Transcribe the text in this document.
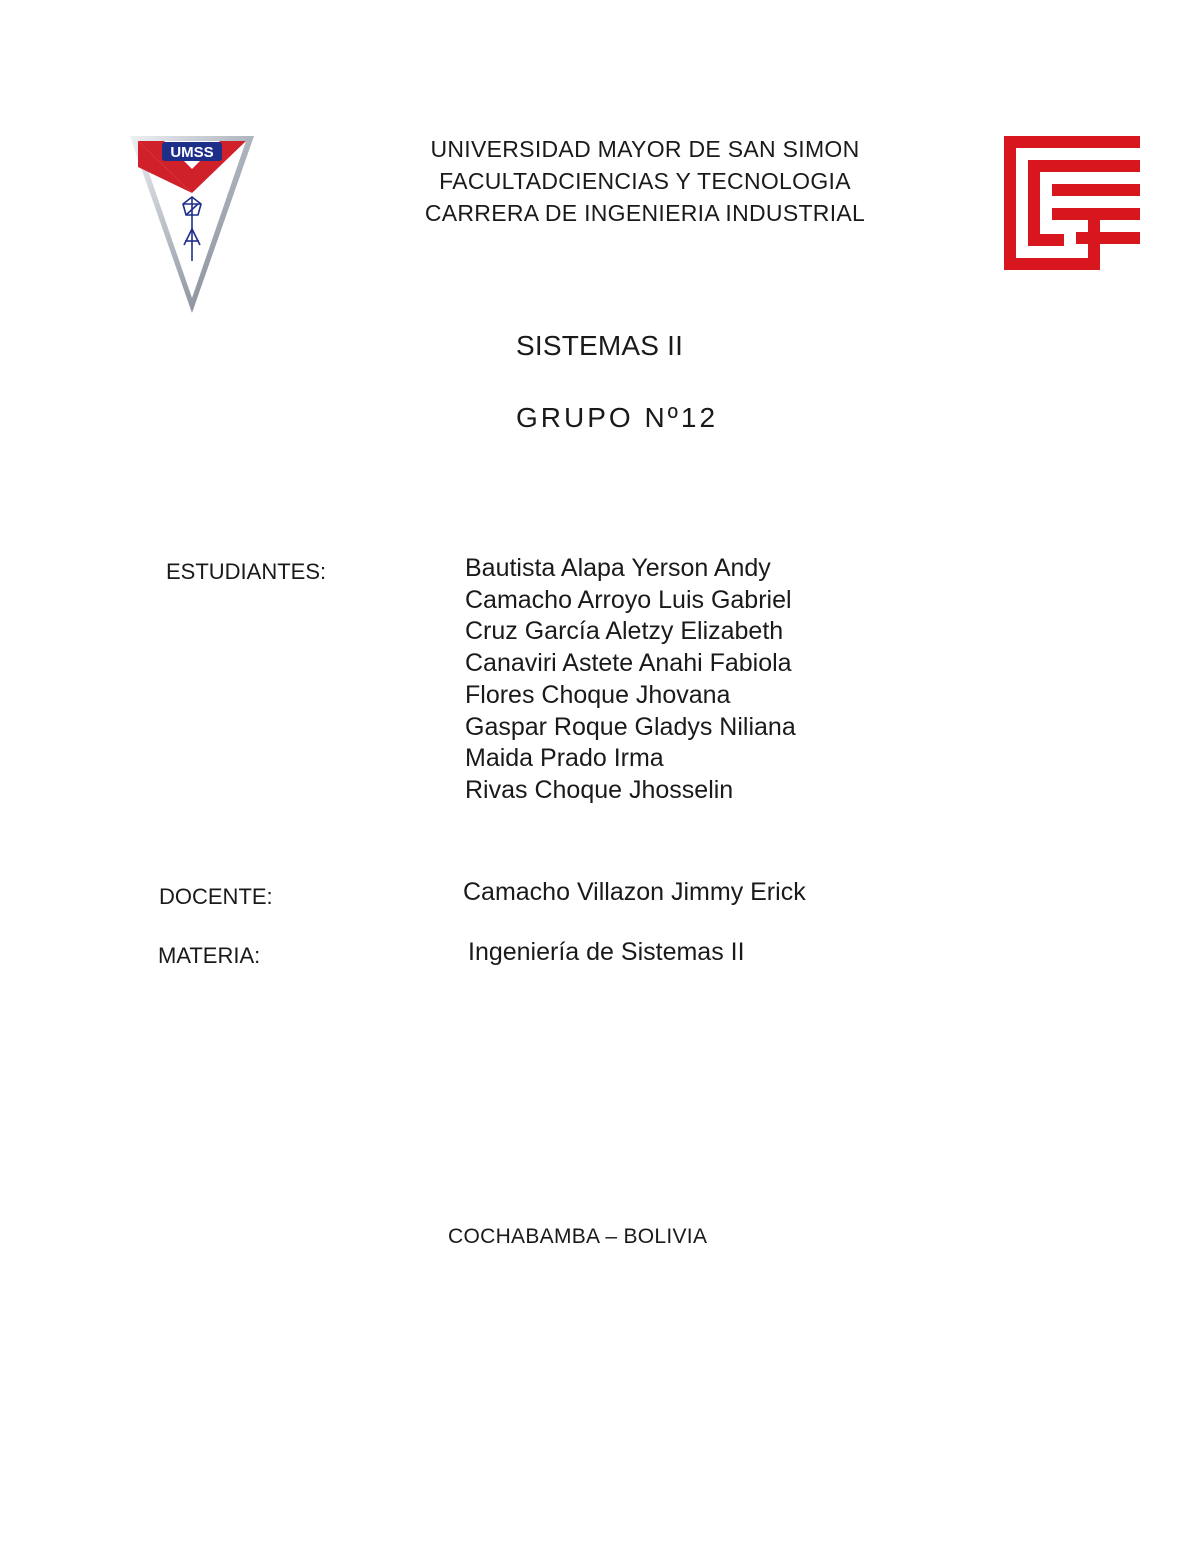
UMSS	UNIVERSIDAD MAYOR DE SAN SIMON
FACULTADCIENCIAS Y TECNOLOGIA
CARRERA DE INGENIERIA INDUSTRIAL
SISTEMAS II
GRUPO Nº12
ESTUDIANTES:	Bautista Alapa Yerson Andy
Camacho Arroyo Luis Gabriel
Cruz García Aletzy Elizabeth
Canaviri Astete Anahi Fabiola
Flores Choque Jhovana
Gaspar Roque Gladys Niliana
Maida Prado Irma
Rivas Choque Jhosselin
DOCENTE:	Camacho Villazon Jimmy Erick
MATERIA:	Ingeniería de Sistemas II
COCHABAMBA – BOLIVIA
